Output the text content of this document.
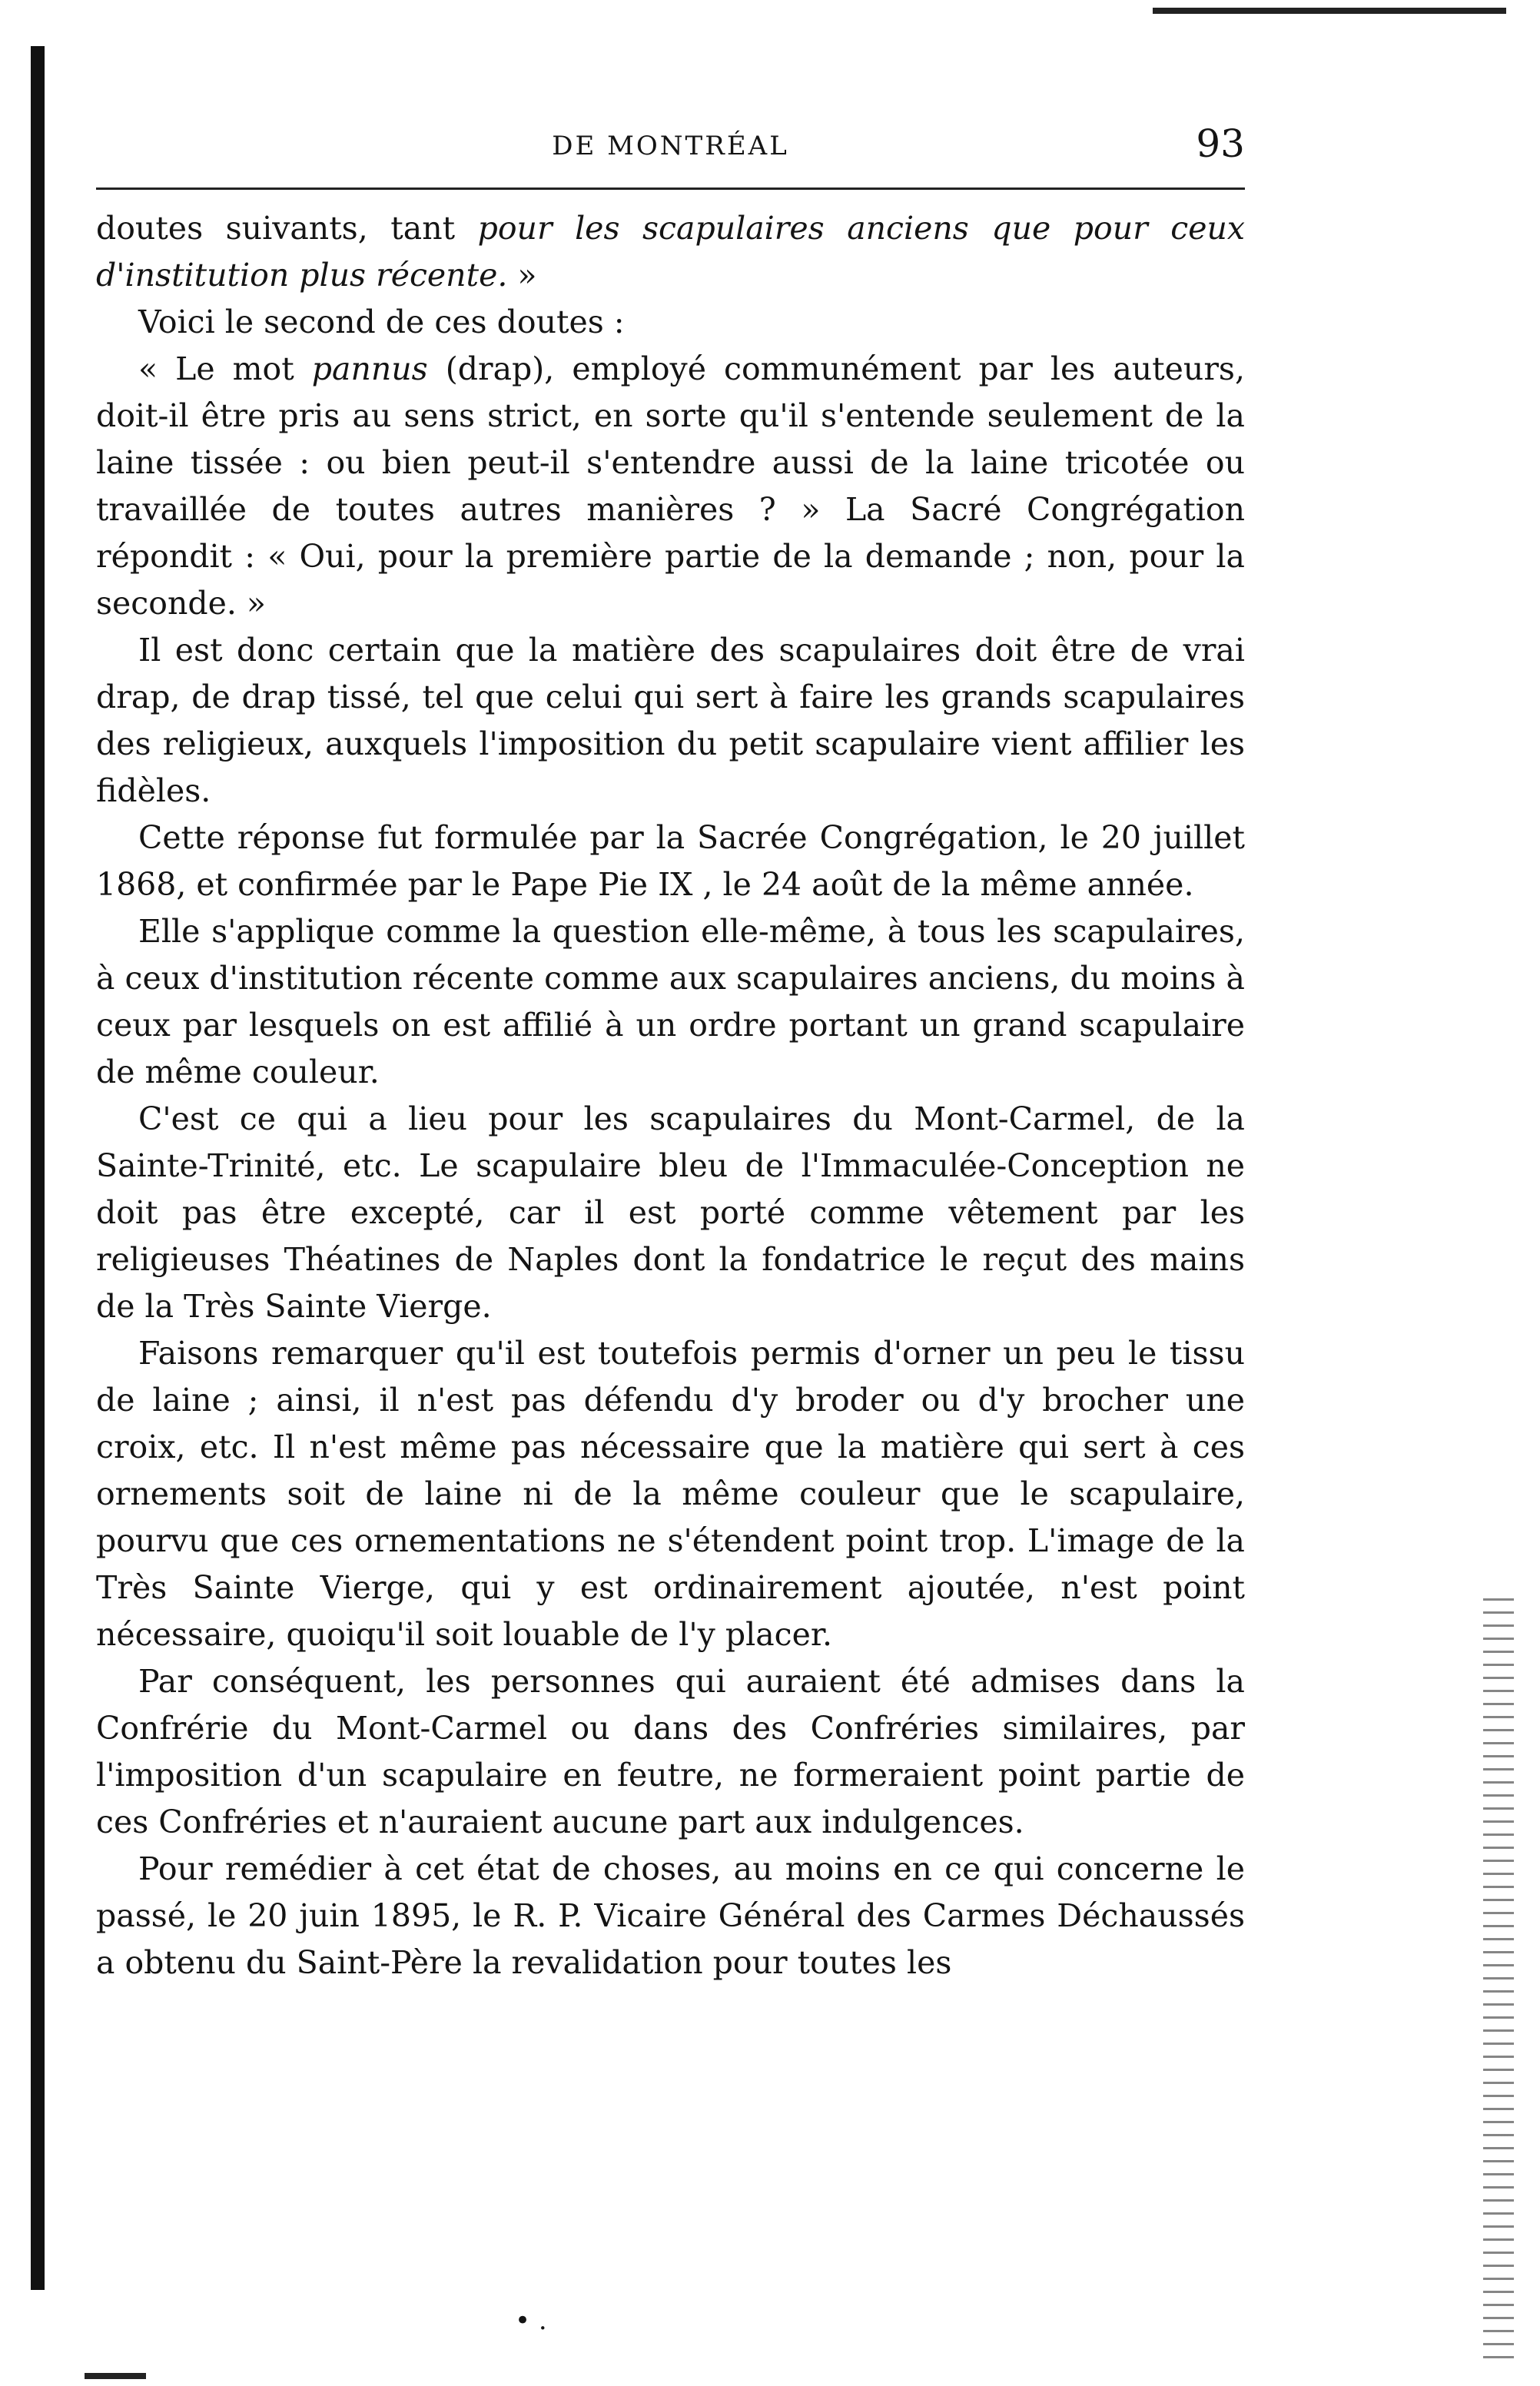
DE MONTRÉAL	93

doutes suivants, tant pour les scapulaires anciens que pour ceux d'institution plus récente. »

Voici le second de ces doutes :

« Le mot pannus (drap), employé communément par les auteurs, doit-il être pris au sens strict, en sorte qu'il s'entende seulement de la laine tissée : ou bien peut-il s'entendre aussi de la laine tricotée ou travaillée de toutes autres manières ? » La Sacré Congrégation répondit : « Oui, pour la première partie de la demande ; non, pour la seconde. »

Il est donc certain que la matière des scapulaires doit être de vrai drap, de drap tissé, tel que celui qui sert à faire les grands scapulaires des religieux, auxquels l'imposition du petit scapulaire vient affilier les fidèles.

Cette réponse fut formulée par la Sacrée Congrégation, le 20 juillet 1868, et confirmée par le Pape Pie IX , le 24 août de la même année.

Elle s'applique comme la question elle-même, à tous les scapulaires, à ceux d'institution récente comme aux scapulaires anciens, du moins à ceux par lesquels on est affilié à un ordre portant un grand scapulaire de même couleur.

C'est ce qui a lieu pour les scapulaires du Mont-Carmel, de la Sainte-Trinité, etc. Le scapulaire bleu de l'Immaculée-Conception ne doit pas être excepté, car il est porté comme vêtement par les religieuses Théatines de Naples dont la fondatrice le reçut des mains de la Très Sainte Vierge.

Faisons remarquer qu'il est toutefois permis d'orner un peu le tissu de laine ; ainsi, il n'est pas défendu d'y broder ou d'y brocher une croix, etc. Il n'est même pas nécessaire que la matière qui sert à ces ornements soit de laine ni de la même couleur que le scapulaire, pourvu que ces ornementations ne s'étendent point trop. L'image de la Très Sainte Vierge, qui y est ordinairement ajoutée, n'est point nécessaire, quoiqu'il soit louable de l'y placer.

Par conséquent, les personnes qui auraient été admises dans la Confrérie du Mont-Carmel ou dans des Confréries similaires, par l'imposition d'un scapulaire en feutre, ne formeraient point partie de ces Confréries et n'auraient aucune part aux indulgences.

Pour remédier à cet état de choses, au moins en ce qui concerne le passé, le 20 juin 1895, le R. P. Vicaire Général des Carmes Déchaussés a obtenu du Saint-Père la revalidation pour toutes les

• .
